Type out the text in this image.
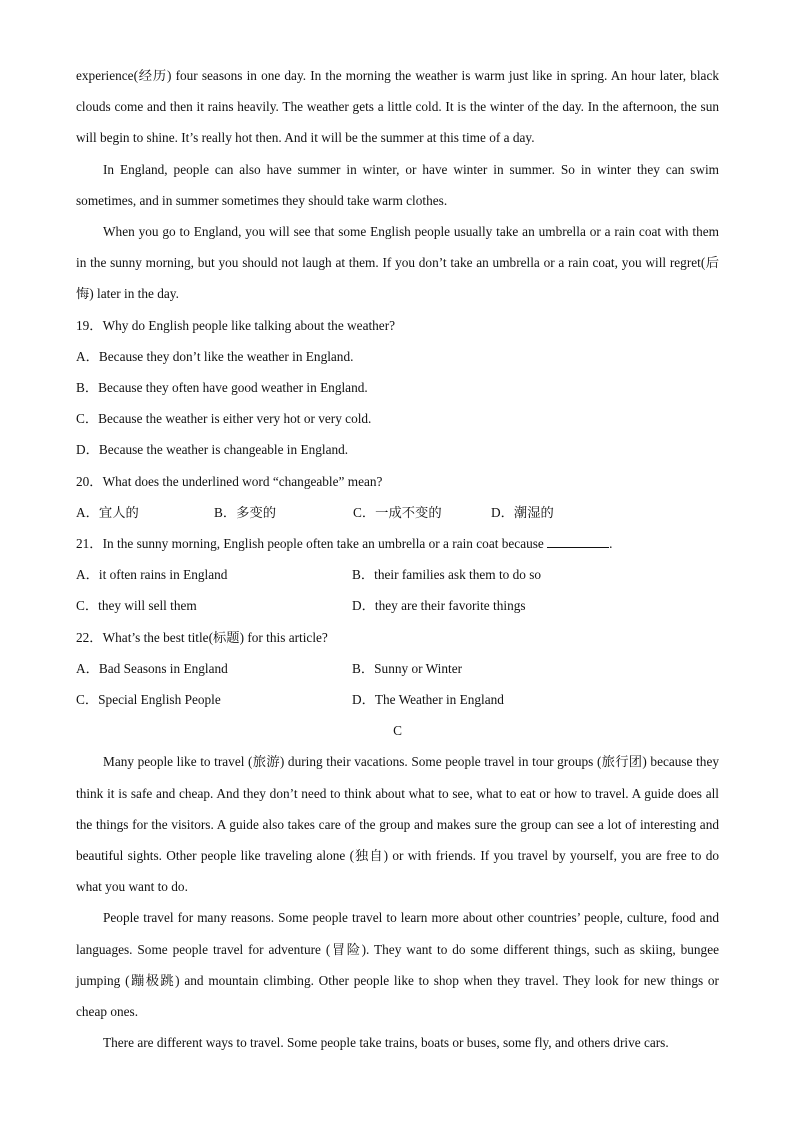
experience(经历) four seasons in one day. In the morning the weather is warm just like in spring. An hour later, black clouds come and then it rains heavily. The weather gets a little cold. It is the winter of the day. In the afternoon, the sun will begin to shine. It’s really hot then. And it will be the summer at this time of a day.

In England, people can also have summer in winter, or have winter in summer. So in winter they can swim sometimes, and in summer sometimes they should take warm clothes.

When you go to England, you will see that some English people usually take an umbrella or a rain coat with them in the sunny morning, but you should not laugh at them. If you don’t take an umbrella or a rain coat, you will regret(后悔) later in the day.

19．Why do English people like talking about the weather?

A．Because they don’t like the weather in England.

B．Because they often have good weather in England.

C．Because the weather is either very hot or very cold.

D．Because the weather is changeable in England.

20．What does the underlined word “changeable” mean?

A．宜人的	B．多变的	C．一成不变的	D．潮湿的

21．In the sunny morning, English people often take an umbrella or a rain coat because	.

A．it often rains in England	B．their families ask them to do so
C．they will sell them	D．they are their favorite things

22．What’s the best title(标题) for this article?

A．Bad Seasons in England	B．Sunny or Winter
C．Special English People	D．The Weather in England

C

Many people like to travel (旅游) during their vacations. Some people travel in tour groups (旅行团) because they think it is safe and cheap. And they don’t need to think about what to see, what to eat or how to travel. A guide does all the things for the visitors. A guide also takes care of the group and makes sure the group can see a lot of interesting and beautiful sights. Other people like traveling alone (独自) or with friends. If you travel by yourself, you are free to do what you want to do.

People travel for many reasons. Some people travel to learn more about other countries’ people, culture, food and languages. Some people travel for adventure (冒险). They want to do some different things, such as skiing, bungee jumping (蹦极跳) and mountain climbing. Other people like to shop when they travel. They look for new things or cheap ones.

There are different ways to travel. Some people take trains, boats or buses, some fly, and others drive cars.
